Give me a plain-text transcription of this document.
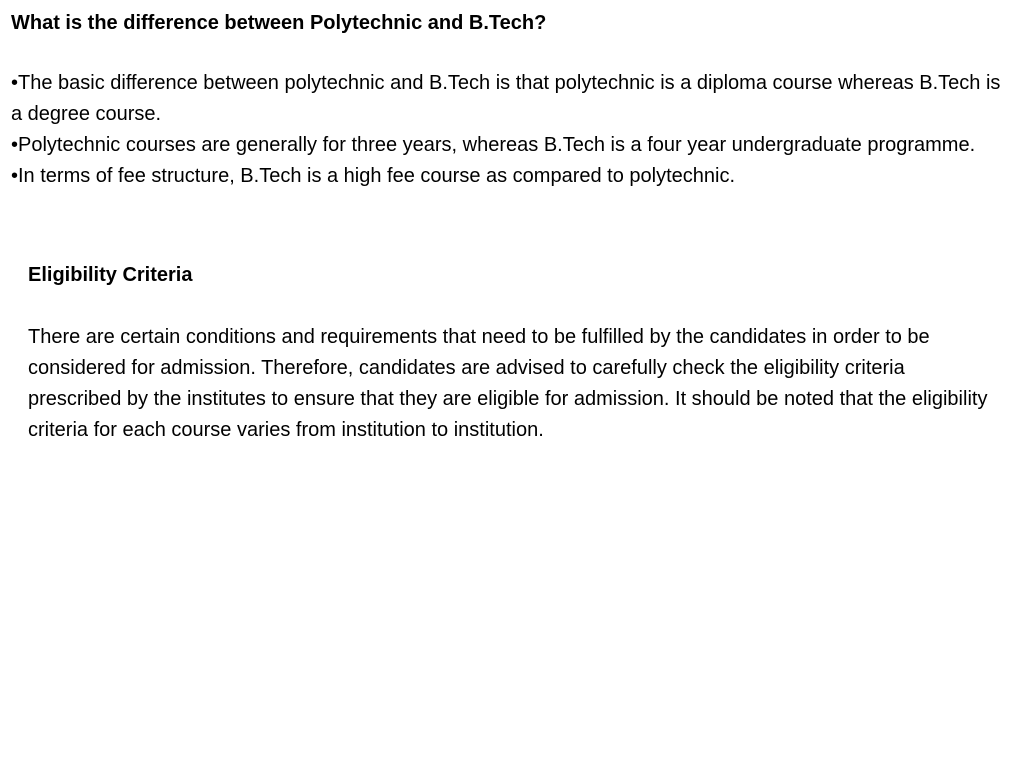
What is the difference between Polytechnic and B.Tech?
•The basic difference between polytechnic and B.Tech is that polytechnic is a diploma course whereas B.Tech is a degree course.
•Polytechnic courses are generally for three years, whereas B.Tech is a four year undergraduate programme.
•In terms of fee structure, B.Tech is a high fee course as compared to polytechnic.
Eligibility Criteria

There are certain conditions and requirements that need to be fulfilled by the candidates in order to be considered for admission. Therefore, candidates are advised to carefully check the eligibility criteria prescribed by the institutes to ensure that they are eligible for admission. It should be noted that the eligibility criteria for each course varies from institution to institution.
